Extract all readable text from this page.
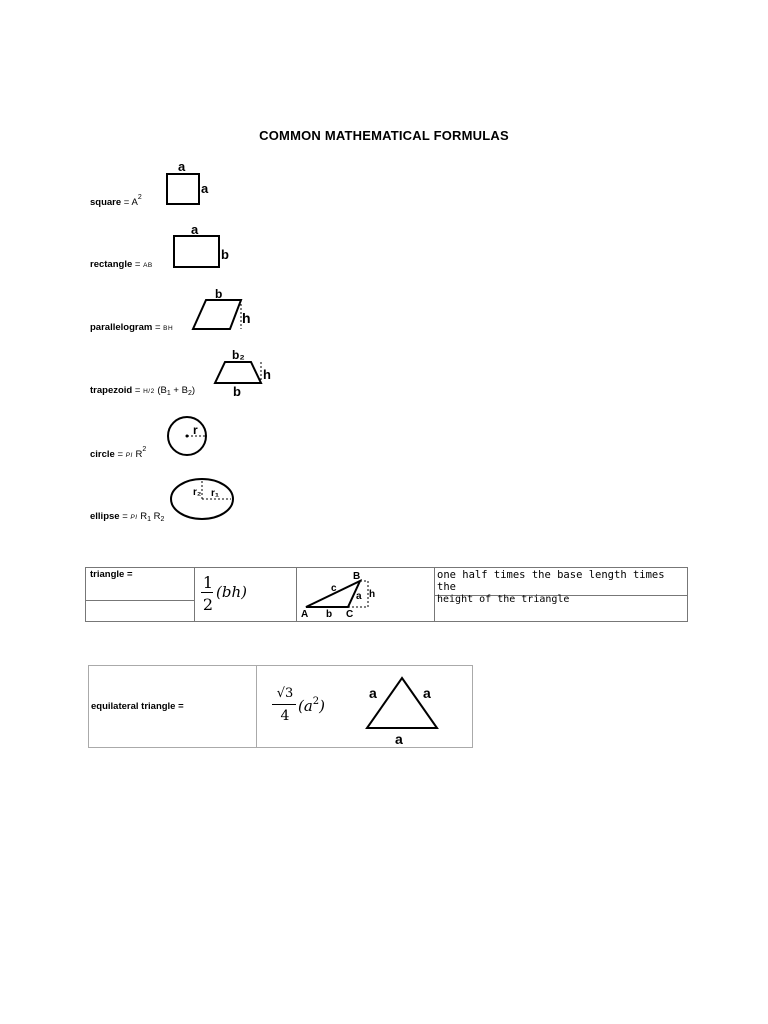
COMMON MATHEMATICAL FORMULAS
square = $A^2$
a
a
rectangle = AB
a
b
parallelogram = BH
b
h
trapezoid = H/2 $(B_1 + B_2)$
b₂
h
b
circle = PI $R^2$
r
ellipse = PI $R_1$ $R_2$
r₂ r₁
triangle =	1
2
(bh)
B
c
a h
A b C
one half times the base length times the
height of the triangle
equilateral triangle =
√3
4
$(a^2)$
a	a
a
